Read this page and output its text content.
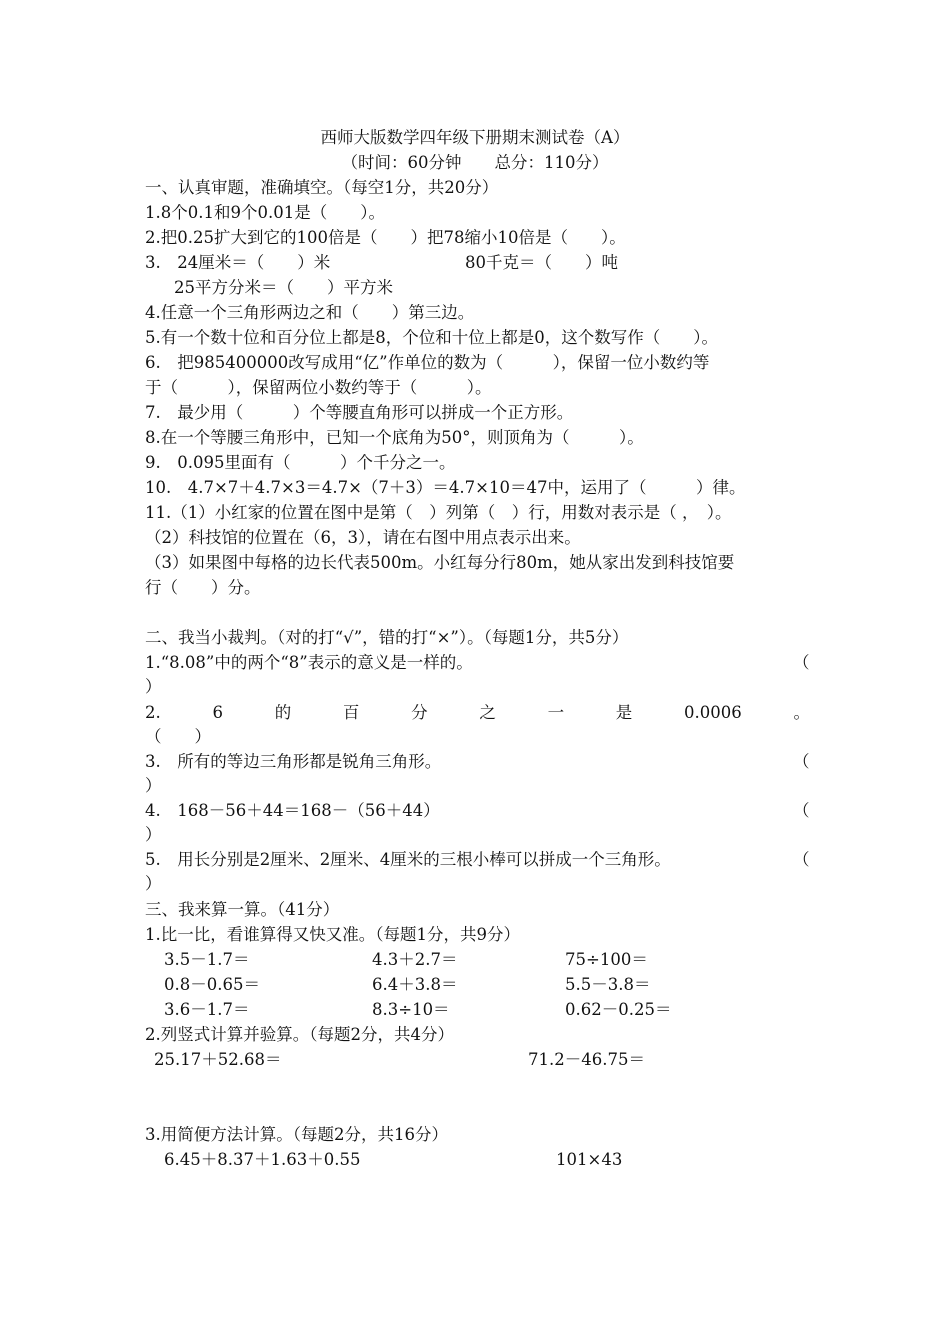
西师大版数学四年级下册期末测试卷（A）
（时间：60分钟　　总分：110分）
一、认真审题，准确填空。（每空1分，共20分）
1.8个0.1和9个0.01是（　　）。
2.把0.25扩大到它的100倍是（　　）把78缩小10倍是（　　）。
3.　24厘米＝（　　）米	80千克＝（　　）吨
25平方分米＝（　　）平方米
4.任意一个三角形两边之和（　　）第三边。
5.有一个数十位和百分位上都是8，个位和十位上都是0，这个数写作（　　）。
6.　把985400000改写成用“亿”作单位的数为（　　　），保留一位小数约等
于（　　　），保留两位小数约等于（　　　）。
7.　最少用（　　　）个等腰直角形可以拼成一个正方形。
8.在一个等腰三角形中，已知一个底角为50°，则顶角为（　　　）。
9.　0.095里面有（　　　）个千分之一。
10.　4.7×7＋4.7×3＝4.7×（7＋3）＝4.7×10＝47中，运用了（　　　）律。
11.（1）小红家的位置在图中是第（　）列第（　）行，用数对表示是（ ，　）。
（2）科技馆的位置在（6，3），请在右图中用点表示出来。
（3）如果图中每格的边长代表500m。小红每分行80m，她从家出发到科技馆要
行（　　）分。
二、我当小裁判。（对的打“√”，错的打“×”）。（每题1分，共5分）
1.“8.08”中的两个“8”表示的意义是一样的。	（
）
2.	6	的	百	分	之	一	是	0.0006	。
（　　）
3.　所有的等边三角形都是锐角三角形。	（
）
4.　168－56＋44＝168－（56＋44）	（
）
5.　用长分别是2厘米、2厘米、4厘米的三根小棒可以拼成一个三角形。	（
）
三、我来算一算。（41分）
1.比一比，看谁算得又快又准。（每题1分，共9分）
3.5－1.7＝	4.3＋2.7＝	75÷100＝
0.8－0.65＝	6.4＋3.8＝	5.5－3.8＝
3.6－1.7＝	8.3÷10＝	0.62－0.25＝
2.列竖式计算并验算。（每题2分，共4分）
25.17＋52.68＝	71.2－46.75＝
3.用简便方法计算。（每题2分，共16分）
6.45＋8.37＋1.63＋0.55	101×43
